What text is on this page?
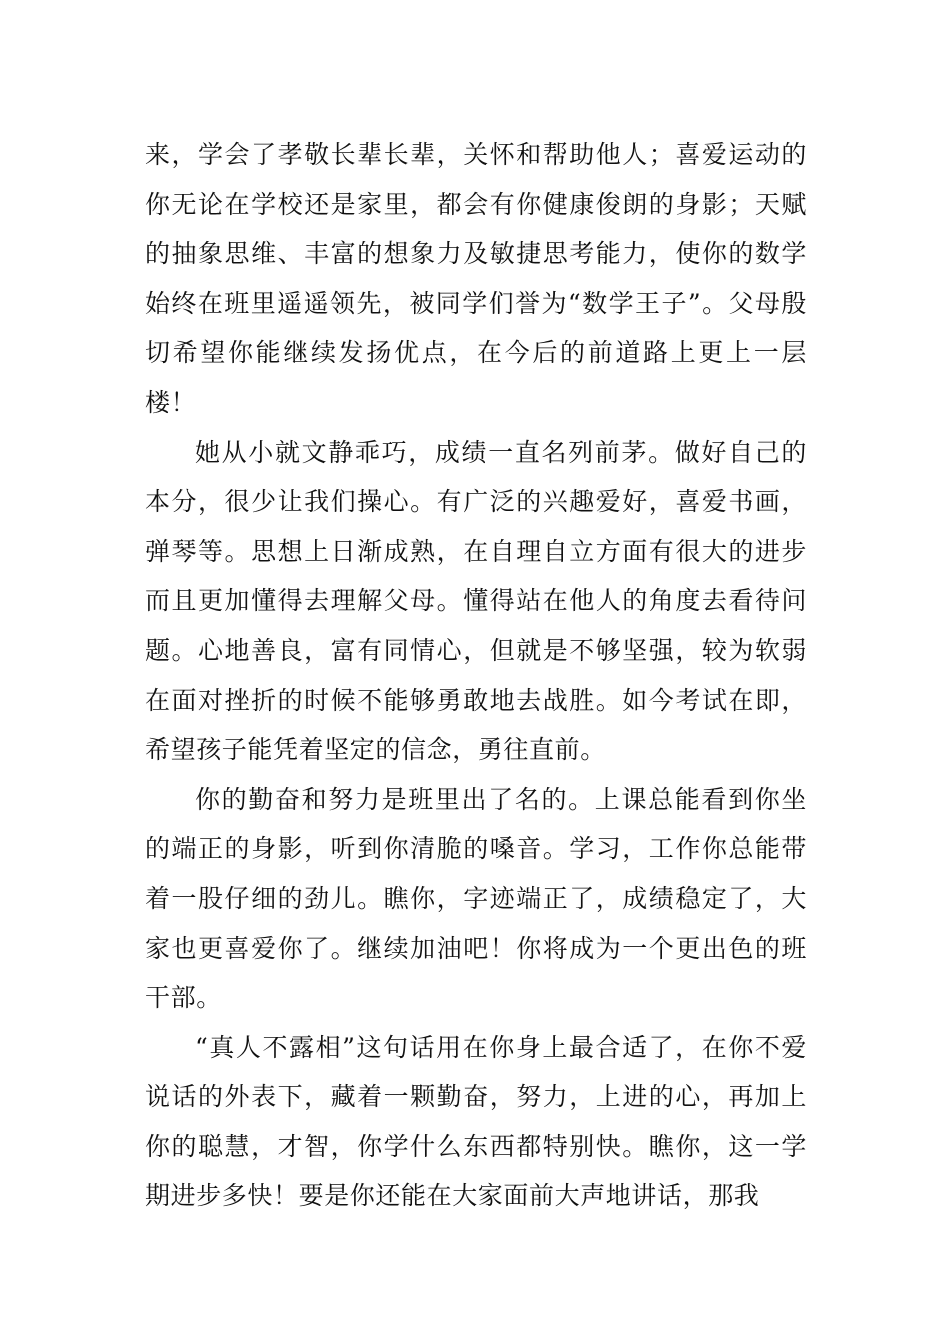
来，学会了孝敬长辈长辈，关怀和帮助他人；喜爱运动的你无论在学校还是家里，都会有你健康俊朗的身影；天赋的抽象思维、丰富的想象力及敏捷思考能力，使你的数学始终在班里遥遥领先，被同学们誉为“数学王子”。父母殷切希望你能继续发扬优点，在今后的前道路上更上一层楼！

她从小就文静乖巧，成绩一直名列前茅。做好自己的本分，很少让我们操心。有广泛的兴趣爱好，喜爱书画，弹琴等。思想上日渐成熟，在自理自立方面有很大的进步而且更加懂得去理解父母。懂得站在他人的角度去看待问题。心地善良，富有同情心，但就是不够坚强，较为软弱在面对挫折的时候不能够勇敢地去战胜。如今考试在即，希望孩子能凭着坚定的信念，勇往直前。

你的勤奋和努力是班里出了名的。上课总能看到你坐的端正的身影，听到你清脆的嗓音。学习，工作你总能带着一股仔细的劲儿。瞧你，字迹端正了，成绩稳定了，大家也更喜爱你了。继续加油吧！你将成为一个更出色的班干部。

“真人不露相”这句话用在你身上最合适了，在你不爱说话的外表下，藏着一颗勤奋，努力，上进的心，再加上你的聪慧，才智，你学什么东西都特别快。瞧你，这一学期进步多快！要是你还能在大家面前大声地讲话，那我
